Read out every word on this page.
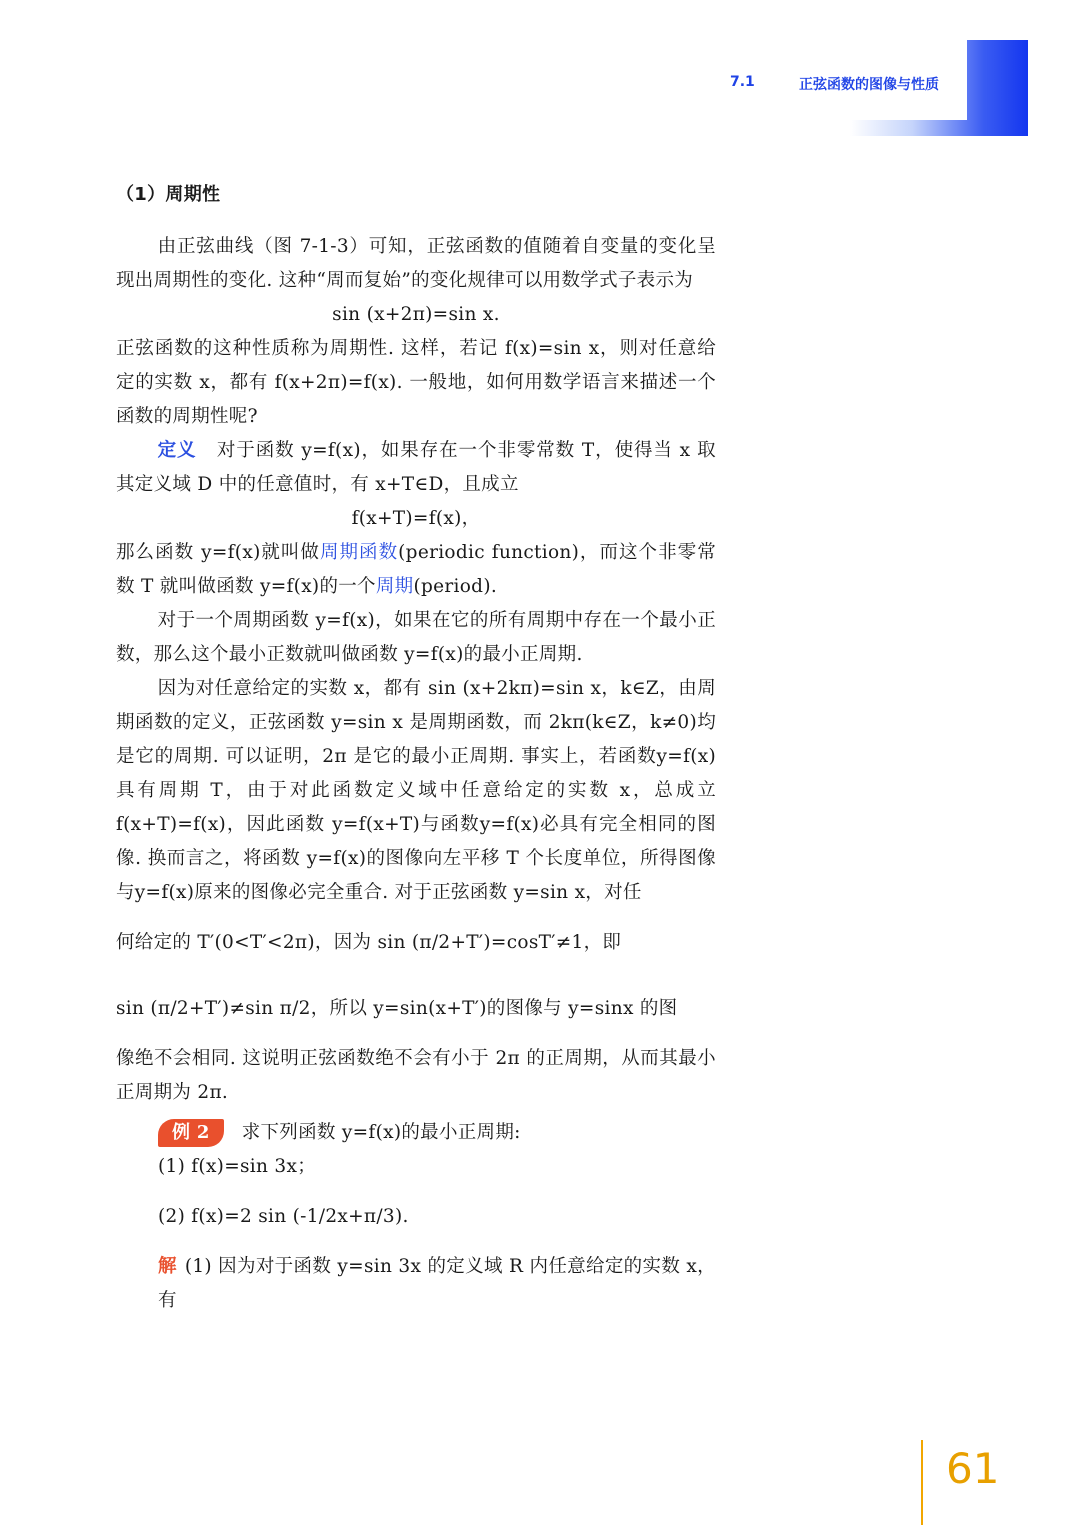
7.1	正弦函数的图像与性质

（1）周期性

由正弦曲线（图 7-1-3）可知，正弦函数的值随着自变量的变化呈现出周期性的变化. 这种“周而复始”的变化规律可以用数学式子表示为

sin (x+2π)=sin x.

正弦函数的这种性质称为周期性. 这样，若记 f(x)=sin x，则对任意给定的实数 x，都有 f(x+2π)=f(x). 一般地，如何用数学语言来描述一个函数的周期性呢?

定义 对于函数 y=f(x)，如果存在一个非零常数 T，使得当 x 取其定义域 D 中的任意值时，有 x+T∈D，且成立

f(x+T)=f(x)，

那么函数 y=f(x)就叫做周期函数(periodic function)，而这个非零常数 T 就叫做函数 y=f(x)的一个周期(period).

对于一个周期函数 y=f(x)，如果在它的所有周期中存在一个最小正数，那么这个最小正数就叫做函数 y=f(x)的最小正周期.

因为对任意给定的实数 x，都有 sin (x+2kπ)=sin x，k∈Z，由周期函数的定义，正弦函数 y=sin x 是周期函数，而 2kπ(k∈Z，k≠0)均是它的周期. 可以证明，2π 是它的最小正周期. 事实上，若函数y=f(x)具有周期 T，由于对此函数定义域中任意给定的实数 x，总成立 f(x+T)=f(x)，因此函数 y=f(x+T)与函数y=f(x)必具有完全相同的图像. 换而言之，将函数 y=f(x)的图像向左平移 T 个长度单位，所得图像与y=f(x)原来的图像必完全重合. 对于正弦函数 y=sin x，对任

何给定的 T′(0<T′<2π)，因为 sin (π/2+T′)=cosT′≠1，即

sin (π/2+T′)≠sin π/2，所以 y=sin(x+T′)的图像与 y=sinx 的图

像绝不会相同. 这说明正弦函数绝不会有小于 2π 的正周期，从而其最小正周期为 2π.

例 2 求下列函数 y=f(x)的最小正周期:

(1) f(x)=sin 3x；

(2) f(x)=2 sin (-1/2x+π/3).

解 (1) 因为对于函数 y=sin 3x 的定义域 R 内任意给定的实数 x，有

61
